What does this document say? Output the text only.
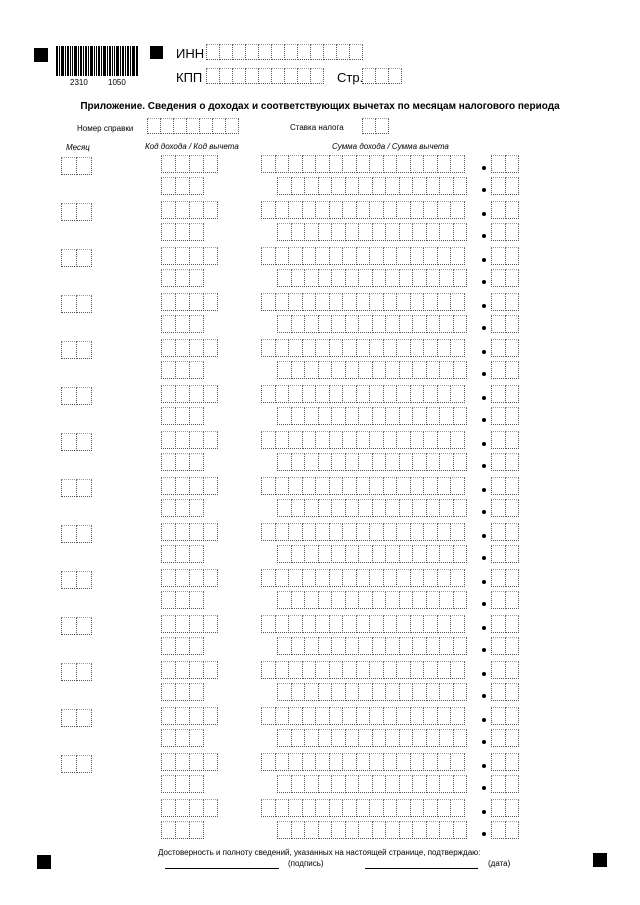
2310	1050
ИНН
КПП	Стр.
Приложение. Сведения о доходах и соответствующих вычетах по месяцам налогового периода
Номер справки	Ставка налога
Месяц	Код дохода / Код вычета	Сумма дохода / Сумма вычета
Достоверность и полноту сведений, указанных на настоящей странице, подтверждаю:
(подпись)	(дата)
